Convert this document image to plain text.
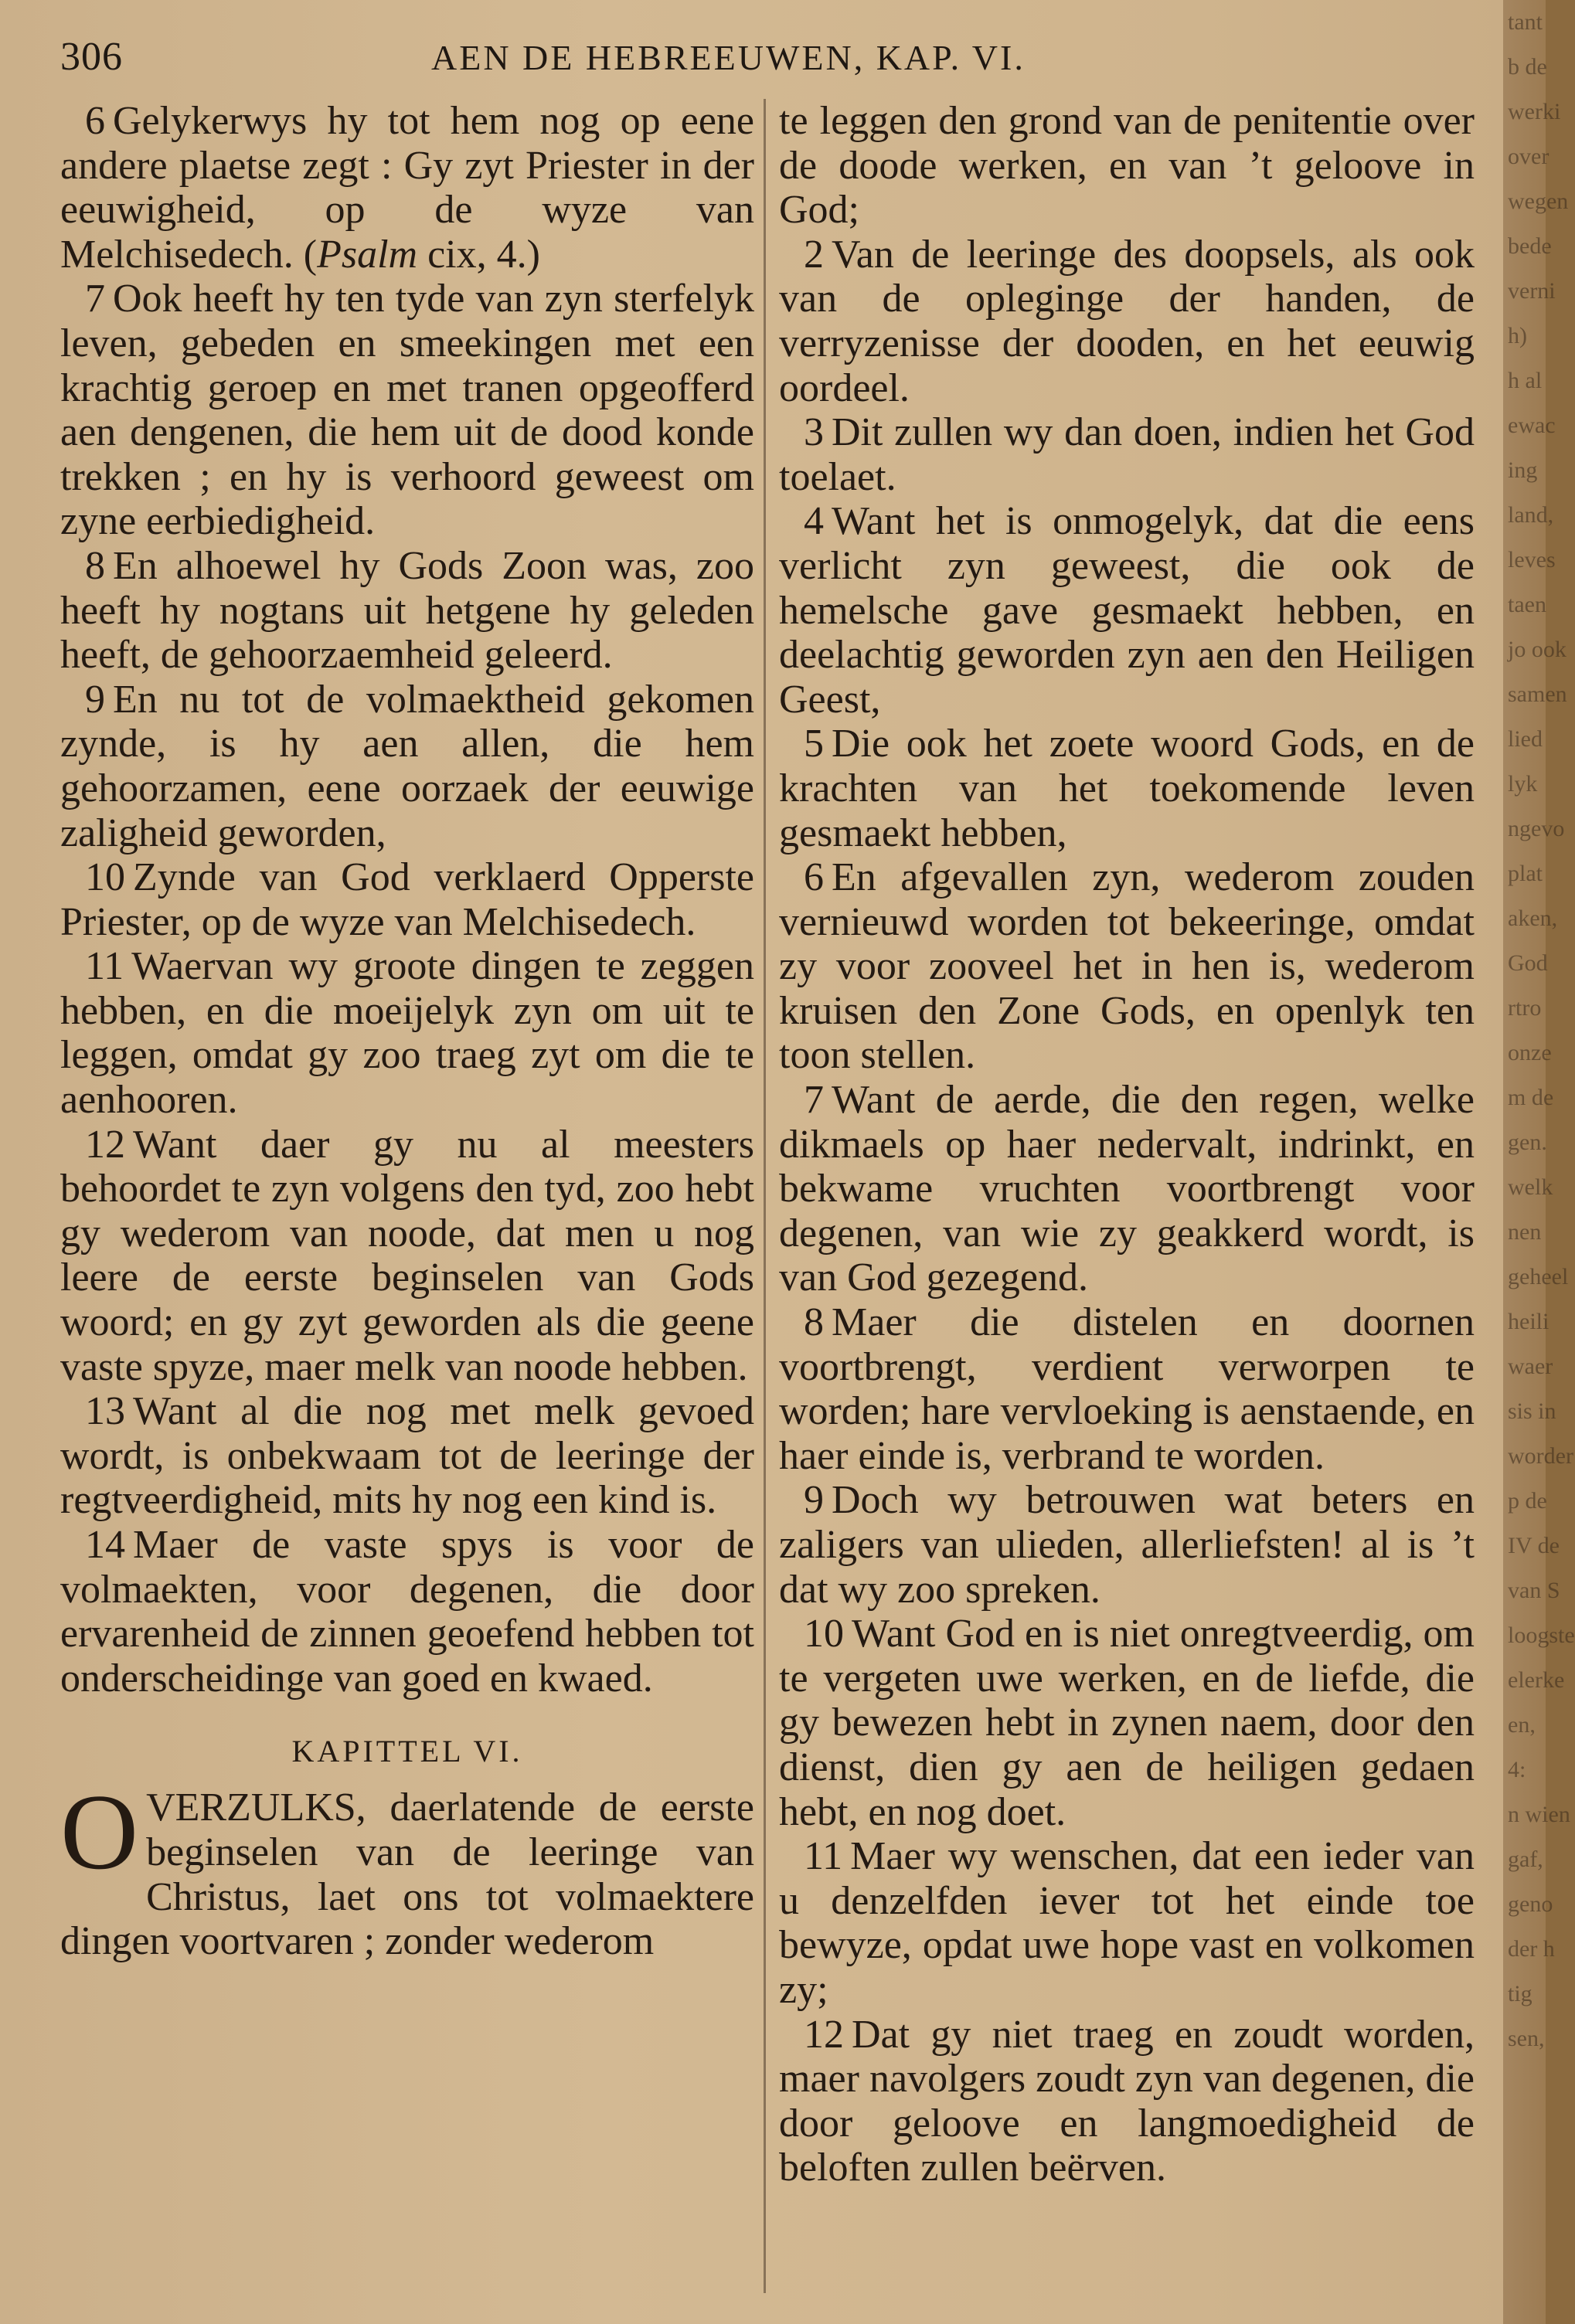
306	AEN DE HEBREEUWEN, KAP. VI.

6 Gelykerwys hy tot hem nog op eene andere plaetse zegt : Gy zyt Priester in der eeuwigheid, op de wyze van Melchisedech. (Psalm cix, 4.)

7 Ook heeft hy ten tyde van zyn sterfelyk leven, gebeden en smeekingen met een krachtig geroep en met tranen opgeofferd aen dengenen, die hem uit de dood konde trekken ; en hy is verhoord geweest om zyne eerbiedigheid.

8 En alhoewel hy Gods Zoon was, zoo heeft hy nogtans uit hetgene hy geleden heeft, de gehoorzaemheid geleerd.

9 En nu tot de volmaektheid gekomen zynde, is hy aen allen, die hem gehoorzamen, eene oorzaek der eeuwige zaligheid geworden,

10 Zynde van God verklaerd Opperste Priester, op de wyze van Melchisedech.

11 Waervan wy groote dingen te zeggen hebben, en die moeijelyk zyn om uit te leggen, omdat gy zoo traeg zyt om die te aenhooren.

12 Want daer gy nu al meesters behoordet te zyn volgens den tyd, zoo hebt gy wederom van noode, dat men u nog leere de eerste beginselen van Gods woord; en gy zyt geworden als die geene vaste spyze, maer melk van noode hebben.

13 Want al die nog met melk gevoed wordt, is onbekwaam tot de leeringe der regtveerdigheid, mits hy nog een kind is.

14 Maer de vaste spys is voor de volmaekten, voor degenen, die door ervarenheid de zinnen geoefend hebben tot onderscheidinge van goed en kwaed.

KAPITTEL VI.

OVERZULKS, daerlatende de eerste beginselen van de leeringe van Christus, laet ons tot volmaektere dingen voortvaren ; zonder wederom

te leggen den grond van de penitentie over de doode werken, en van ’t geloove in God;

2 Van de leeringe des doopsels, als ook van de opleginge der handen, de verryzenisse der dooden, en het eeuwig oordeel.

3 Dit zullen wy dan doen, indien het God toelaet.

4 Want het is onmogelyk, dat die eens verlicht zyn geweest, die ook de hemelsche gave gesmaekt hebben, en deelachtig geworden zyn aen den Heiligen Geest,

5 Die ook het zoete woord Gods, en de krachten van het toekomende leven gesmaekt hebben,

6 En afgevallen zyn, wederom zouden vernieuwd worden tot bekeeringe, omdat zy voor zooveel het in hen is, wederom kruisen den Zone Gods, en openlyk ten toon stellen.

7 Want de aerde, die den regen, welke dikmaels op haer nedervalt, indrinkt, en bekwame vruchten voortbrengt voor degenen, van wie zy geakkerd wordt, is van God gezegend.

8 Maer die distelen en doornen voortbrengt, verdient verworpen te worden; hare vervloeking is aenstaende, en haer einde is, verbrand te worden.

9 Doch wy betrouwen wat beters en zaligers van ulieden, allerliefsten! al is ’t dat wy zoo spreken.

10 Want God en is niet onregtveerdig, om te vergeten uwe werken, en de liefde, die gy bewezen hebt in zynen naem, door den dienst, dien gy aen de heiligen gedaen hebt, en nog doet.

11 Maer wy wenschen, dat een ieder van u denzelfden iever tot het einde toe bewyze, opdat uwe hope vast en volkomen zy;

12 Dat gy niet traeg en zoudt worden, maer navolgers zoudt zyn van degenen, die door geloove en langmoedigheid de beloften zullen beërven.

tant
b de
werki
over
wegen
bede
verni
h)
h al
ewac
ing
land,
leves
taen
jo ook
samen
lied
lyk
ngevo
plat
aken,
God
rtro
onze
m de
gen.
welk
nen
geheel
heili
waer
sis in
worder
p de
IV de
van S
loogste
elerke
en,
4:
n wien
gaf,
geno
der h
tig
sen,
